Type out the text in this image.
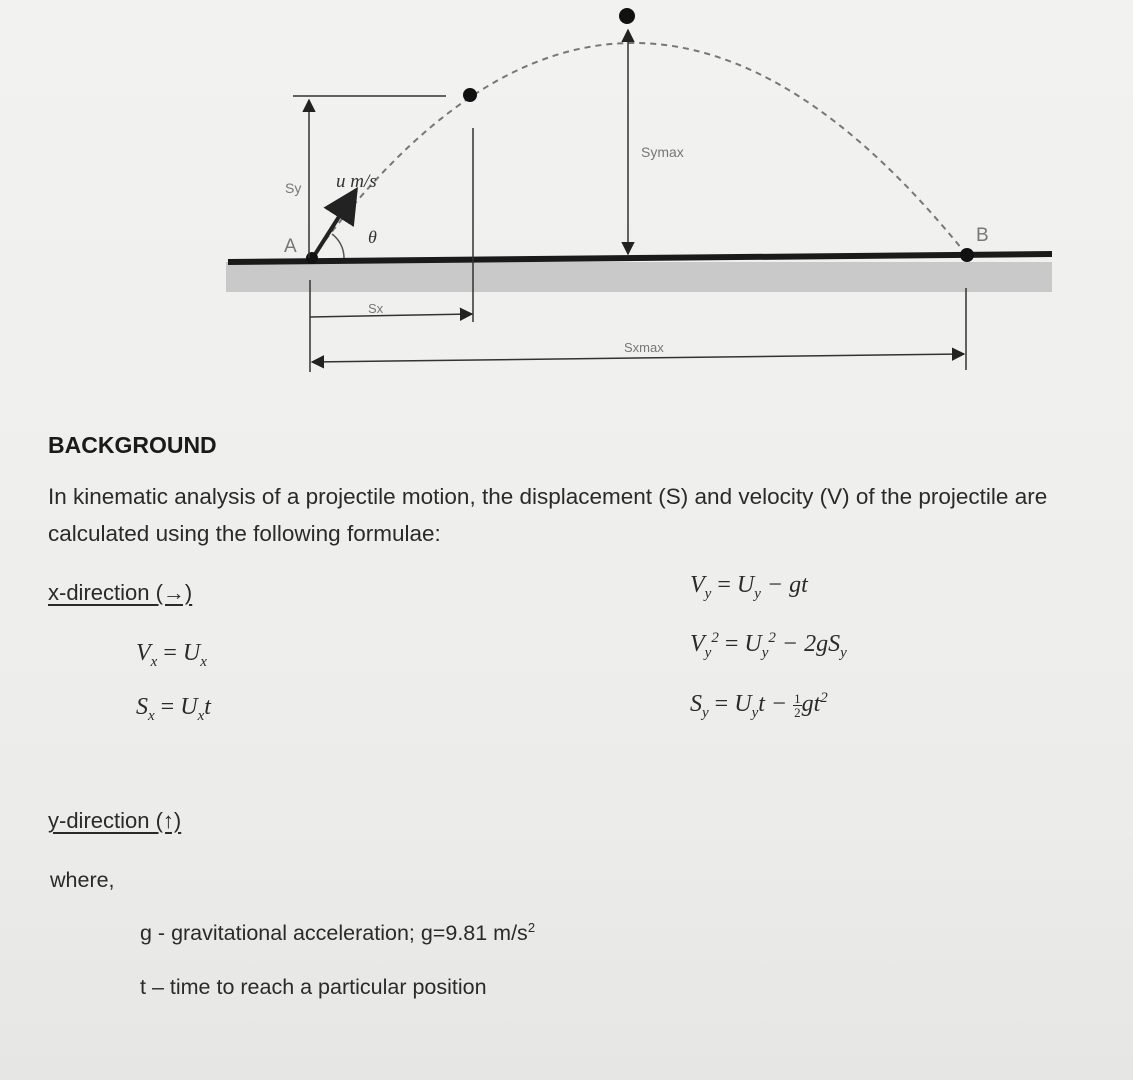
A
B
u m/s
θ
Sy
Symax
Sx
Sxmax
BACKGROUND
In kinematic analysis of a projectile motion, the displacement (S) and velocity (V) of the projectile are calculated using the following formulae:
x-direction (→)
$V_x = U_x$
$S_x = U_xt$
$V_y = U_y$ − gt
$V_y^2 = U_y^2 - 2gS_y$
$S_y = U_yt - \frac{1}{2} gt^2$
y-direction (↑)
where,
g - gravitational acceleration; g=9.81 $m/s^2$
t – time to reach a particular position
